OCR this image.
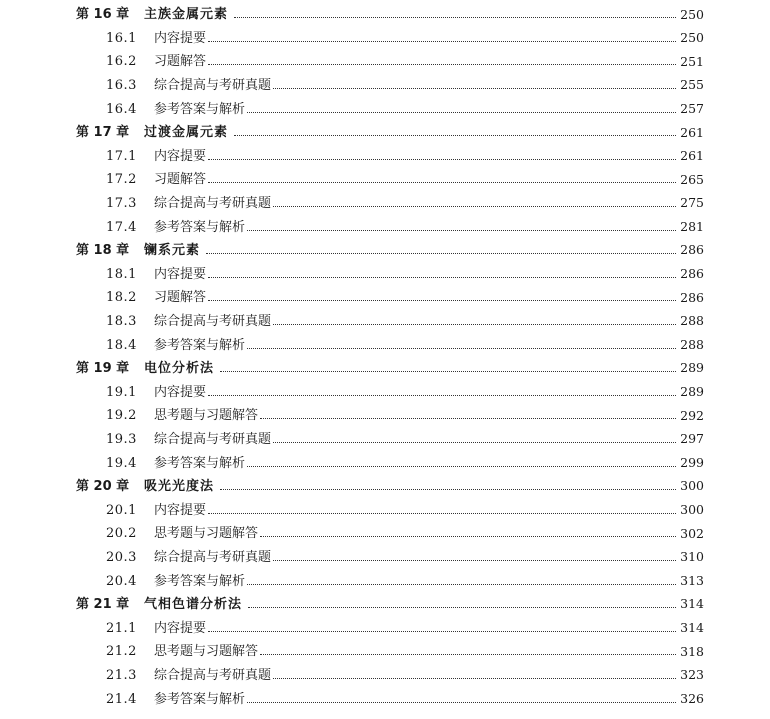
第 16 章	主族金属元素	250
16.1	内容提要	250
16.2	习题解答	251
16.3	综合提高与考研真题	255
16.4	参考答案与解析	257
第 17 章	过渡金属元素	261
17.1	内容提要	261
17.2	习题解答	265
17.3	综合提高与考研真题	275
17.4	参考答案与解析	281
第 18 章	镧系元素	286
18.1	内容提要	286
18.2	习题解答	286
18.3	综合提高与考研真题	288
18.4	参考答案与解析	288
第 19 章	电位分析法	289
19.1	内容提要	289
19.2	思考题与习题解答	292
19.3	综合提高与考研真题	297
19.4	参考答案与解析	299
第 20 章	吸光光度法	300
20.1	内容提要	300
20.2	思考题与习题解答	302
20.3	综合提高与考研真题	310
20.4	参考答案与解析	313
第 21 章	气相色谱分析法	314
21.1	内容提要	314
21.2	思考题与习题解答	318
21.3	综合提高与考研真题	323
21.4	参考答案与解析	326
